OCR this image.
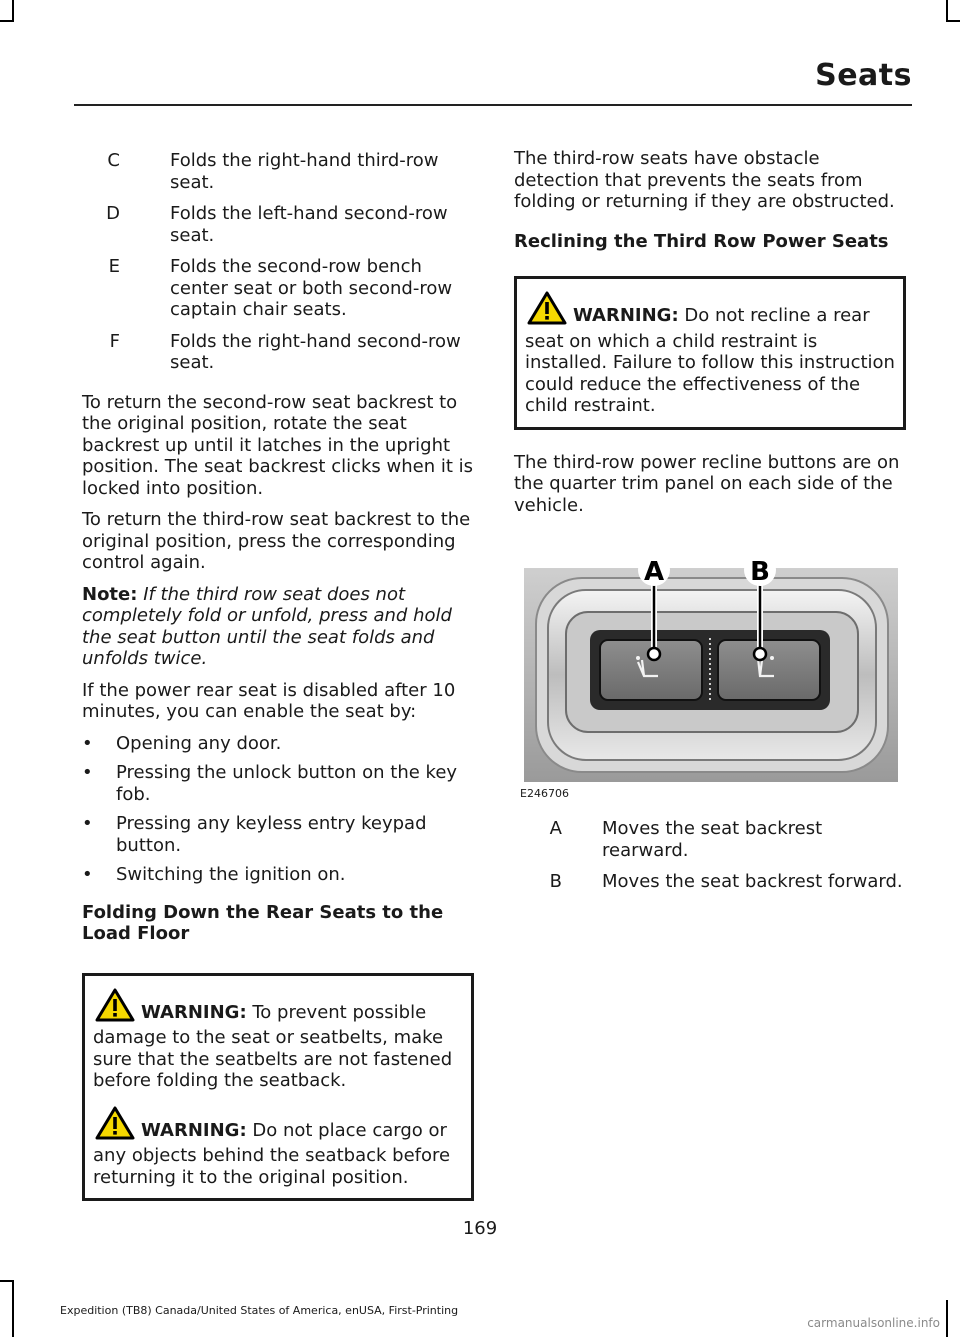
Seats
C	Folds the right-hand third-row seat.
D	Folds the left-hand second-row seat.
E	Folds the second-row bench center seat or both second-row captain chair seats.
F	Folds the right-hand second-row seat.

To return the second-row seat backrest to the original position, rotate the seat backrest up until it latches in the upright position. The seat backrest clicks when it is locked into position.

To return the third-row seat backrest to the original position, press the corresponding control again.

Note: If the third row seat does not completely fold or unfold, press and hold the seat button until the seat folds and unfolds twice.

If the power rear seat is disabled after 10 minutes, you can enable the seat by:

•	Opening any door.
•	Pressing the unlock button on the key fob.
•	Pressing any keyless entry keypad button.
•	Switching the ignition on.
Folding Down the Rear Seats to the Load Floor
WARNING: To prevent possible damage to the seat or seatbelts, make sure that the seatbelts are not fastened before folding the seatback.
WARNING: Do not place cargo or any objects behind the seatback before returning it to the original position.

The third-row seats have obstacle detection that prevents the seats from folding or returning if they are obstructed.

Reclining the Third Row Power Seats
WARNING: Do not recline a rear seat on which a child restraint is installed. Failure to follow this instruction could reduce the effectiveness of the child restraint.

The third-row power recline buttons are on the quarter trim panel on each side of the vehicle.

A	B
E246706
A	Moves the seat backrest rearward.
B	Moves the seat backrest forward.
169
Expedition (TB8) Canada/United States of America, enUSA, First-Printing
carmanualsonline.info
